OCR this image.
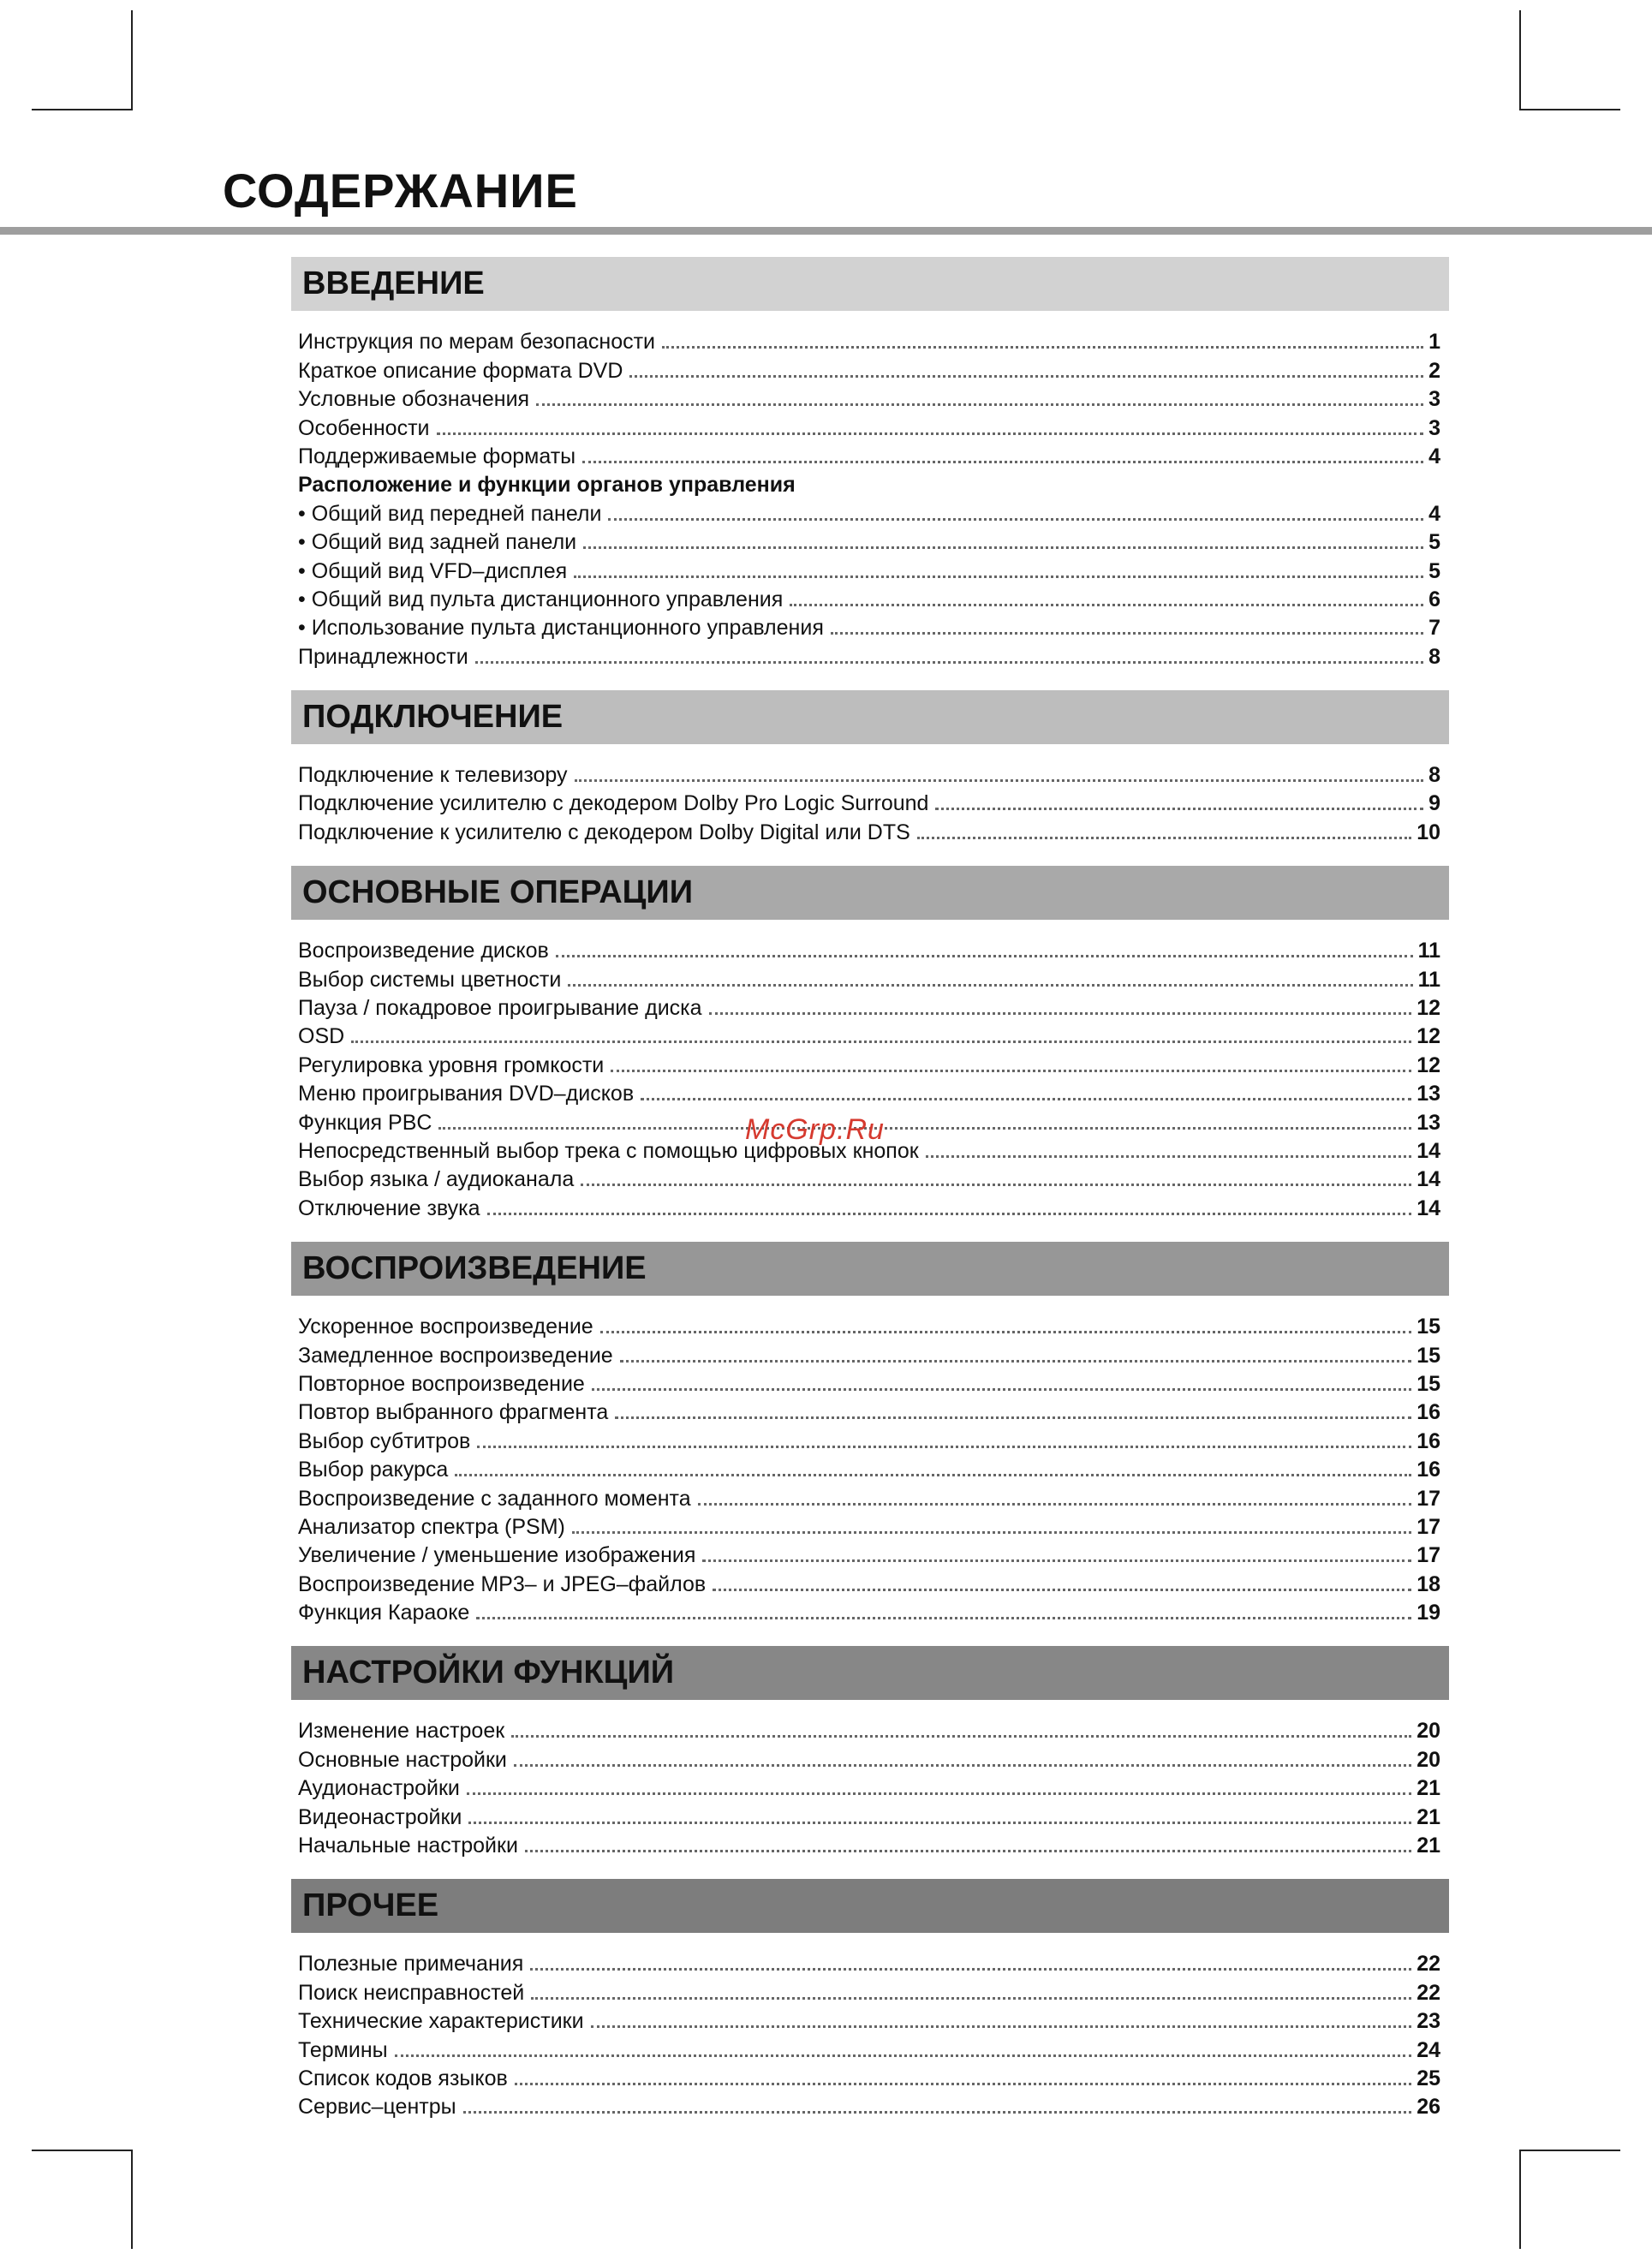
СОДЕРЖАНИЕ
ВВЕДЕНИЕ
Инструкция по мерам безопасности	1
Краткое описание формата DVD	2
Условные обозначения	3
Особенности	3
Поддерживаемые форматы	4
Расположение и функции органов управления
• Общий вид передней панели	4
• Общий вид задней панели	5
• Общий вид VFD–дисплея	5
• Общий вид пульта дистанционного управления	6
• Использование пульта дистанционного управления	7
Принадлежности	8
ПОДКЛЮЧЕНИЕ
Подключение к телевизору	8
Подключение усилителю с декодером Dolby Pro Logic Surround	9
Подключение к усилителю с декодером Dolby Digital или DTS	10
ОСНОВНЫЕ ОПЕРАЦИИ
Воспроизведение дисков	11
Выбор системы цветности	11
Пауза / покадровое проигрывание диска	12
OSD	12
Регулировка уровня громкости	12
Меню проигрывания DVD–дисков	13
Функция PBC	13
Непосредственный выбор трека с помощью цифровых кнопок	14
Выбор языка / аудиоканала	14
Отключение звука	14
ВОСПРОИЗВЕДЕНИЕ
Ускоренное воспроизведение	15
Замедленное воспроизведение	15
Повторное воспроизведение	15
Повтор выбранного фрагмента	16
Выбор субтитров	16
Выбор ракурса	16
Воспроизведение с заданного момента	17
Анализатор спектра (PSM)	17
Увеличение / уменьшение изображения	17
Воспроизведение MP3– и JPEG–файлов	18
Функция Караоке	19
НАСТРОЙКИ ФУНКЦИЙ
Изменение настроек	20
Основные настройки	20
Аудионастройки	21
Видеонастройки	21
Начальные настройки	21
ПРОЧЕЕ
Полезные примечания	22
Поиск неисправностей	22
Технические характеристики	23
Термины	24
Список кодов языков	25
Сервис–центры	26
McGrp.Ru
